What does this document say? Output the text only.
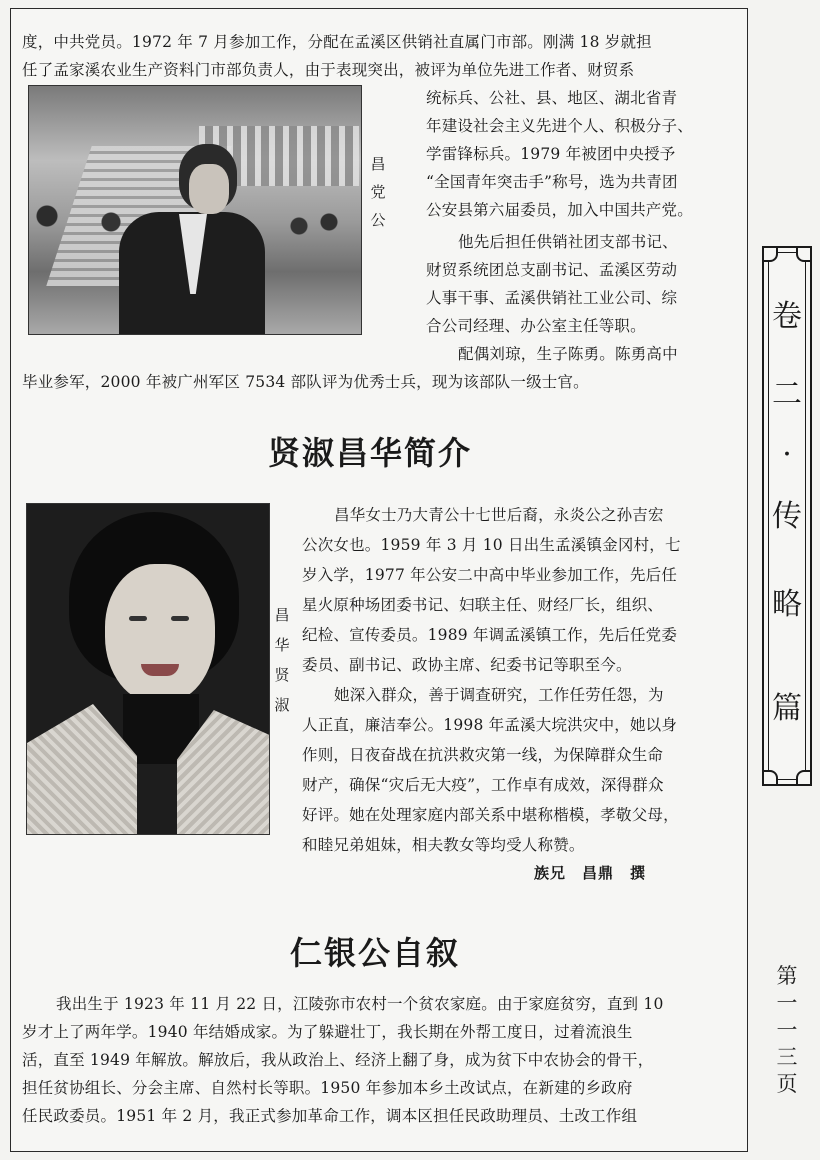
度，中共党员。1972 年 7 月参加工作，分配在孟溪区供销社直属门市部。刚满 18 岁就担
任了孟家溪农业生产资料门市部负责人，由于表现突出，被评为单位先进工作者、财贸系
昌
党
公
统标兵、公社、县、地区、湖北省青
年建设社会主义先进个人、积极分子、
学雷锋标兵。1979 年被团中央授予
“全国青年突击手”称号，选为共青团
公安县第六届委员，加入中国共产党。
他先后担任供销社团支部书记、
财贸系统团总支副书记、孟溪区劳动
人事干事、孟溪供销社工业公司、综
合公司经理、办公室主任等职。
配偶刘琼，生子陈勇。陈勇高中
毕业参军，2000 年被广州军区 7534 部队评为优秀士兵，现为该部队一级士官。
贤淑昌华简介
昌
华
贤
淑
昌华女士乃大青公十七世后裔，永炎公之孙吉宏
公次女也。1959 年 3 月 10 日出生孟溪镇金冈村，七
岁入学，1977 年公安二中高中毕业参加工作，先后任
星火原种场团委书记、妇联主任、财经厂长，组织、
纪检、宣传委员。1989 年调孟溪镇工作，先后任党委
委员、副书记、政协主席、纪委书记等职至今。
她深入群众，善于调查研究，工作任劳任怨，为
人正直，廉洁奉公。1998 年孟溪大垸洪灾中，她以身
作则，日夜奋战在抗洪救灾第一线，为保障群众生命
财产，确保“灾后无大疫”，工作卓有成效，深得群众
好评。她在处理家庭内部关系中堪称楷模，孝敬父母，
和睦兄弟姐妹，相夫教女等均受人称赞。
族兄　昌鼎　撰
仁银公自叙
我出生于 1923 年 11 月 22 日，江陵弥市农村一个贫农家庭。由于家庭贫穷，直到 10
岁才上了两年学。1940 年结婚成家。为了躲避壮丁，我长期在外帮工度日，过着流浪生
活，直至 1949 年解放。解放后，我从政治上、经济上翻了身，成为贫下中农协会的骨干，
担任贫协组长、分会主席、自然村长等职。1950 年参加本乡土改试点，在新建的乡政府
任民政委员。1951 年 2 月，我正式参加革命工作，调本区担任民政助理员、土改工作组
卷
二
·
传
略
篇
第
一
一
三
页
